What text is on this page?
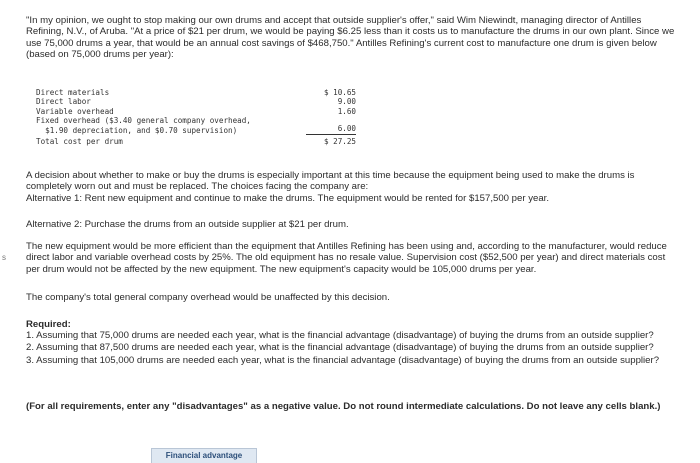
s

"In my opinion, we ought to stop making our own drums and accept that outside supplier's offer," said Wim Niewindt, managing director of Antilles Refining, N.V., of Aruba. "At a price of $21 per drum, we would be paying $6.25 less than it costs us to manufacture the drums in our own plant. Since we use 75,000 drums a year, that would be an annual cost savings of $468,750." Antilles Refining's current cost to manufacture one drum is given below (based on 75,000 drums per year):

Direct materials	$ 10.65
Direct labor	9.00
Variable overhead	1.60
Fixed overhead ($3.40 general company overhead,
$1.90 depreciation, and $0.70 supervision)	6.00
Total cost per drum	$ 27.25
A decision about whether to make or buy the drums is especially important at this time because the equipment being used to make the drums is completely worn out and must be replaced. The choices facing the company are:
Alternative 1: Rent new equipment and continue to make the drums. The equipment would be rented for $157,500 per year.

Alternative 2: Purchase the drums from an outside supplier at $21 per drum.

The new equipment would be more efficient than the equipment that Antilles Refining has been using and, according to the manufacturer, would reduce direct labor and variable overhead costs by 25%. The old equipment has no resale value. Supervision cost ($52,500 per year) and direct materials cost per drum would not be affected by the new equipment. The new equipment's capacity would be 105,000 drums per year.

The company's total general company overhead would be unaffected by this decision.

Required:
1. Assuming that 75,000 drums are needed each year, what is the financial advantage (disadvantage) of buying the drums from an outside supplier?
2. Assuming that 87,500 drums are needed each year, what is the financial advantage (disadvantage) of buying the drums from an outside supplier?
3. Assuming that 105,000 drums are needed each year, what is the financial advantage (disadvantage) of buying the drums from an outside supplier?

(For all requirements, enter any "disadvantages" as a negative value. Do not round intermediate calculations. Do not leave any cells blank.)

Financial advantage
